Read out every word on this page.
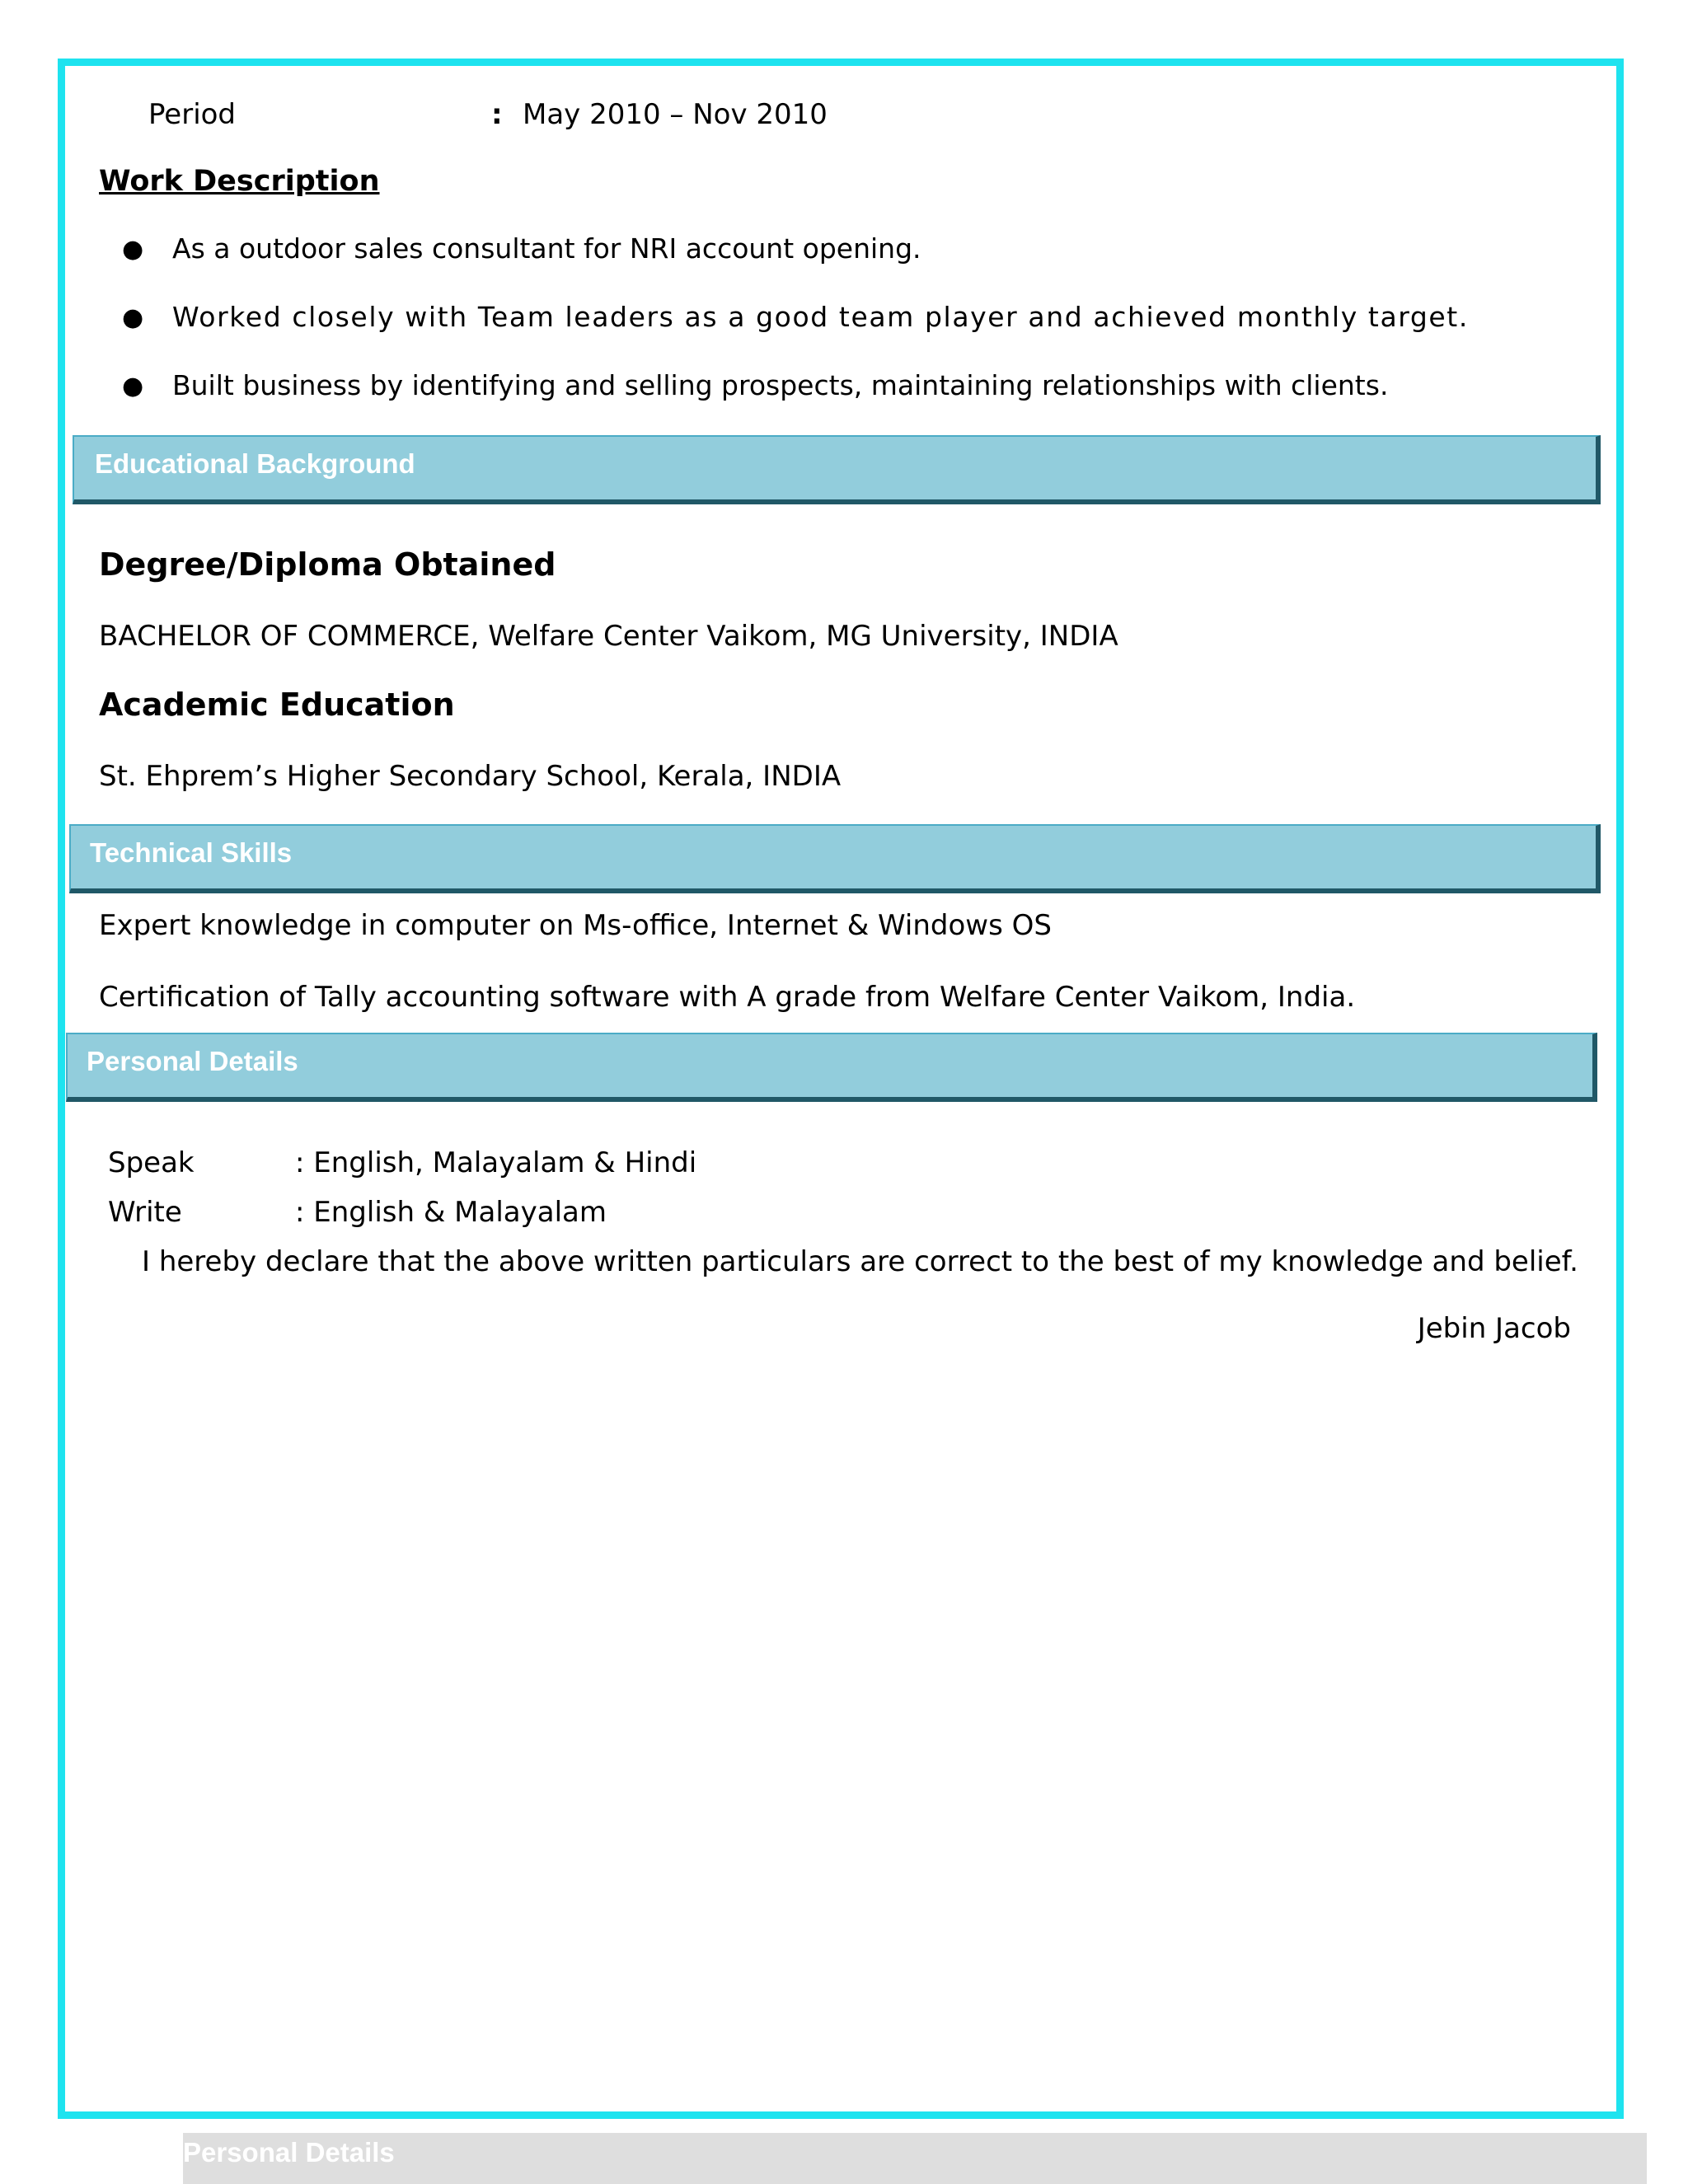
Period	: May 2010 – Nov 2010
Work Description
● As a outdoor sales consultant for NRI account opening.
● Worked closely with Team leaders as a good team player and achieved monthly target.
● Built business by identifying and selling prospects, maintaining relationships with clients.
Educational Background
Degree/Diploma Obtained
BACHELOR OF COMMERCE, Welfare Center Vaikom, MG University, INDIA
Academic Education
St. Ehprem’s Higher Secondary School, Kerala, INDIA
Technical Skills
Expert knowledge in computer on Ms-office, Internet & Windows OS
Certification of Tally accounting software with A grade from Welfare Center Vaikom, India.
Personal Details
Speak	: English, Malayalam & Hindi
Write	: English & Malayalam
I hereby declare that the above written particulars are correct to the best of my knowledge and belief.
Jebin Jacob
Personal Details
